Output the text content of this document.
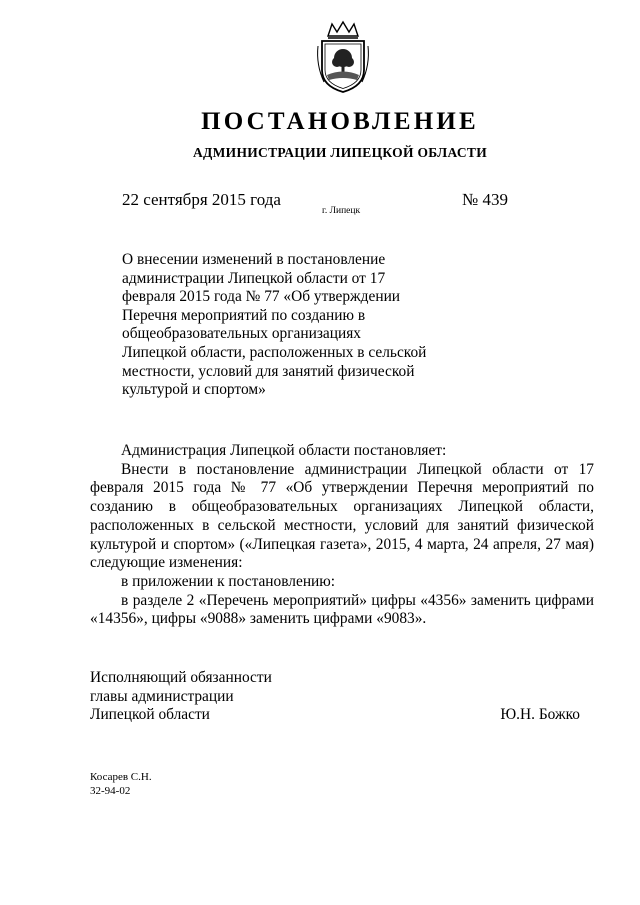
ПОСТАНОВЛЕНИЕ
АДМИНИСТРАЦИИ ЛИПЕЦКОЙ ОБЛАСТИ
22 сентября 2015 года
г. Липецк
№ 439
О внесении изменений в постановление
администрации Липецкой области от 17
февраля 2015 года № 77 «Об утверждении
Перечня мероприятий по созданию в
общеобразовательных организациях
Липецкой области, расположенных в сельской
местности, условий для занятий физической
культурой и спортом»

Администрация Липецкой области постановляет:

Внести в постановление администрации Липецкой области от 17 февраля 2015 года № 77 «Об утверждении Перечня мероприятий по созданию в общеобразовательных организациях Липецкой области, расположенных в сельской местности, условий для занятий физической культурой и спортом» («Липецкая газета», 2015, 4 марта, 24 апреля, 27 мая) следующие изменения:

в приложении к постановлению:

в разделе 2 «Перечень мероприятий» цифры «4356» заменить цифрами «14356», цифры «9088» заменить цифрами «9083».

Исполняющий обязанности
главы администрации
Липецкой области	Ю.Н. Божко
Косарев С.Н.
32-94-02
